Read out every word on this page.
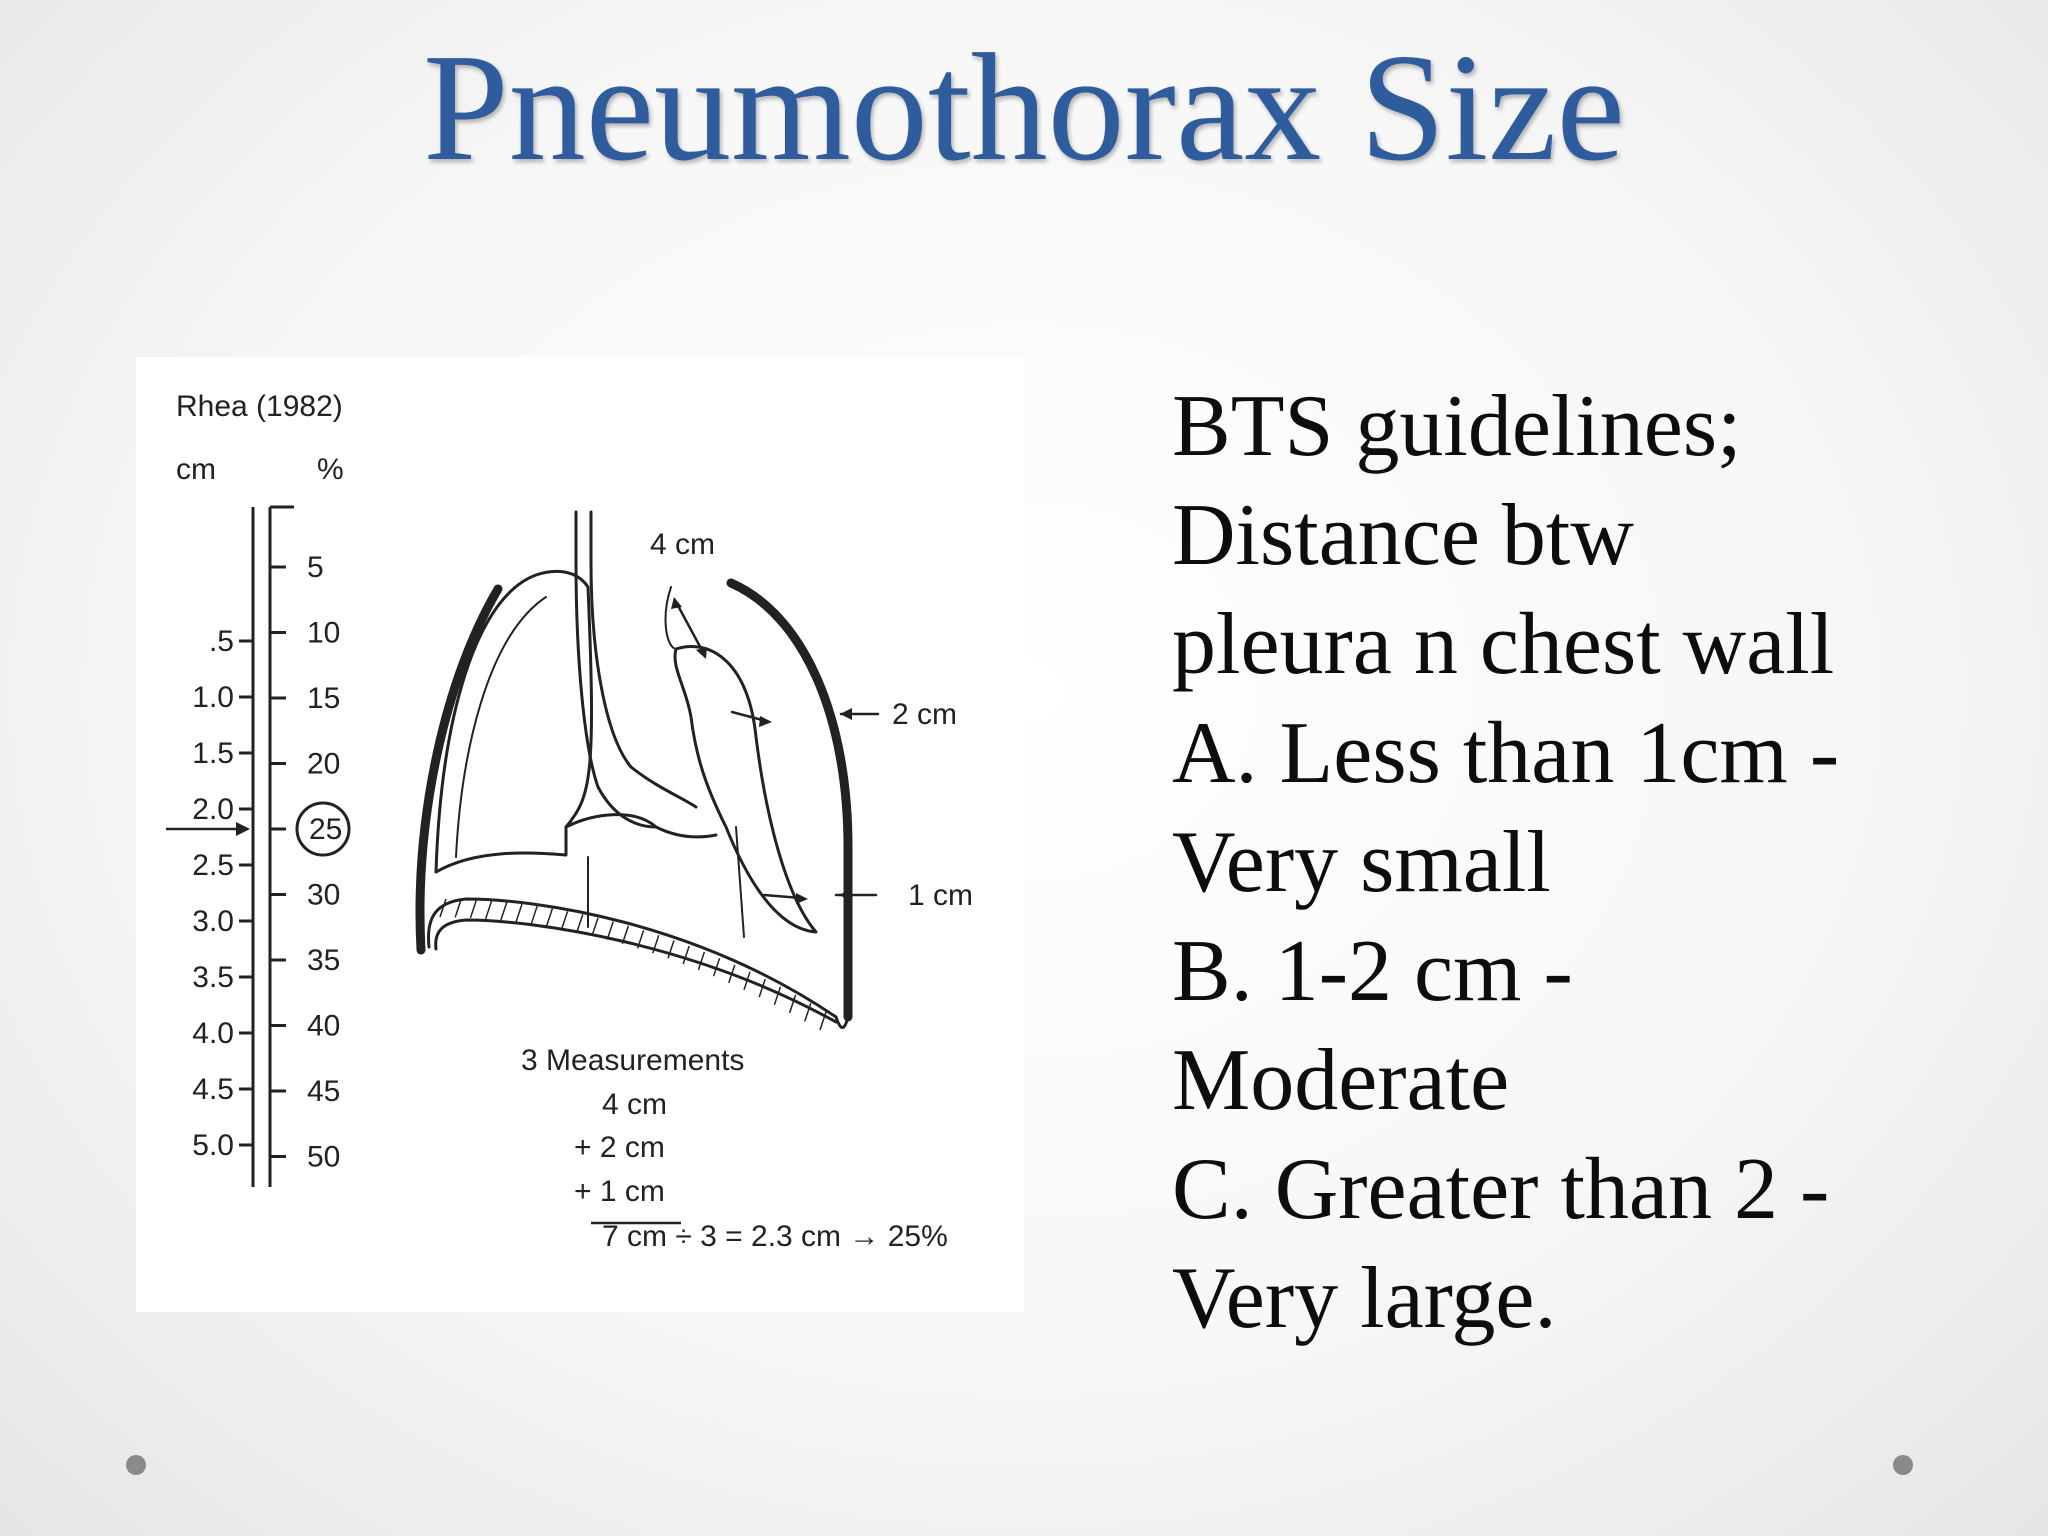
Pneumothorax Size
Rhea (1982)
cm	%
.5
1.0
1.5
2.0
2.5
3.0
3.5
4.0
4.5
5.0
5
10
15
20
25
30
35
40
45
50
4 cm
2 cm
1 cm
3 Measurements
4 cm
+ 2 cm
+ 1 cm
7 cm ÷ 3 = 2.3 cm → 25%
BTS guidelines;
Distance btw
pleura n chest wall
A. Less than 1cm -
Very small
B. 1-2 cm -
Moderate
C. Greater than 2 -
Very large.
